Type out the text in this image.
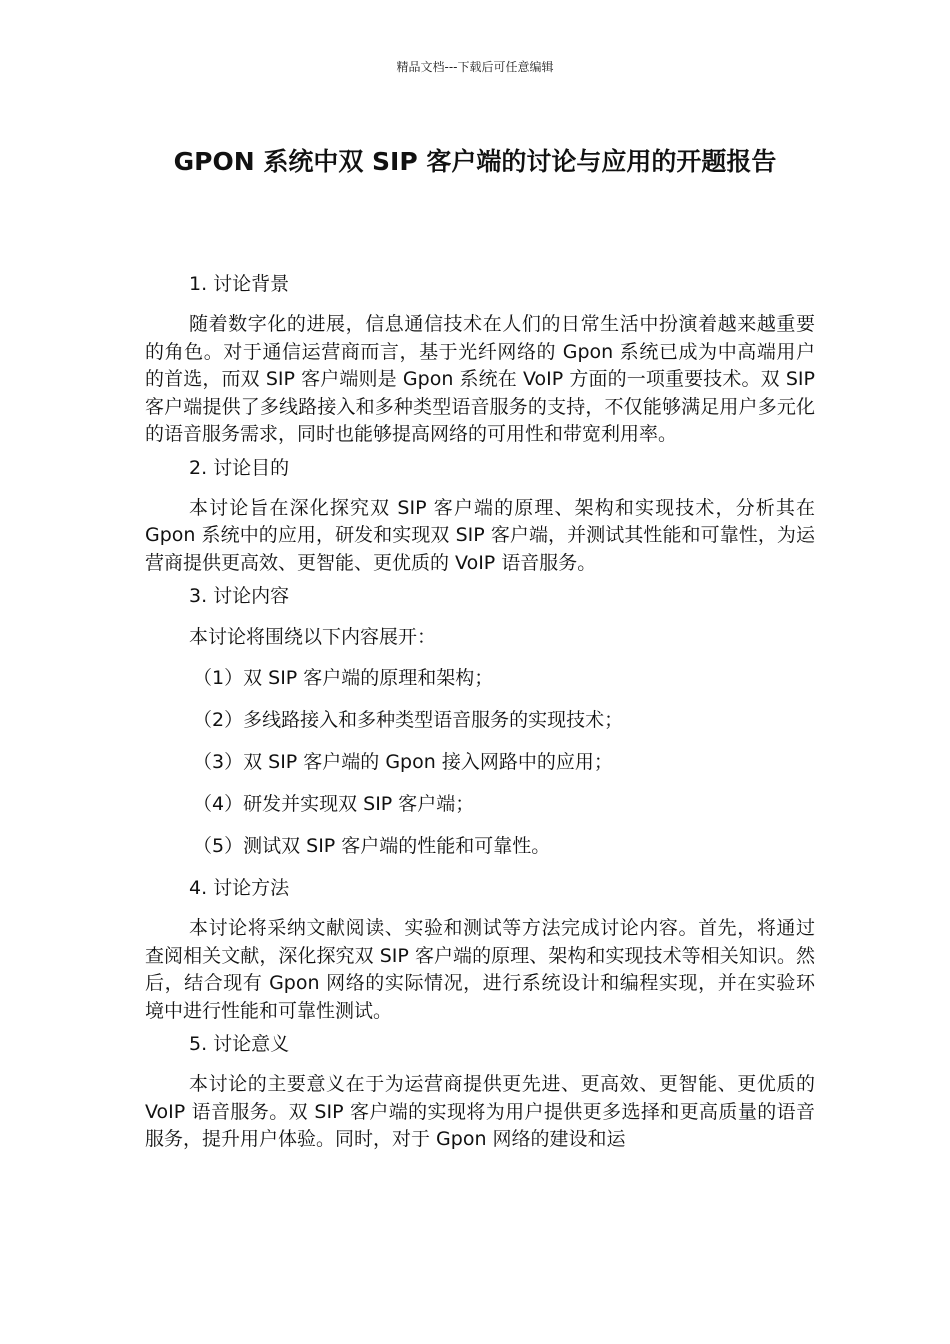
精品文档---下载后可任意编辑
GPON 系统中双 SIP 客户端的讨论与应用的开题报告
1. 讨论背景

随着数字化的进展，信息通信技术在人们的日常生活中扮演着越来越重要的角色。对于通信运营商而言，基于光纤网络的 Gpon 系统已成为中高端用户的首选，而双 SIP 客户端则是 Gpon 系统在 VoIP 方面的一项重要技术。双 SIP 客户端提供了多线路接入和多种类型语音服务的支持，不仅能够满足用户多元化的语音服务需求，同时也能够提高网络的可用性和带宽利用率。

2. 讨论目的

本讨论旨在深化探究双 SIP 客户端的原理、架构和实现技术，分析其在 Gpon 系统中的应用，研发和实现双 SIP 客户端，并测试其性能和可靠性，为运营商提供更高效、更智能、更优质的 VoIP 语音服务。

3. 讨论内容
本讨论将围绕以下内容展开：
（1）双 SIP 客户端的原理和架构；
（2）多线路接入和多种类型语音服务的实现技术；
（3）双 SIP 客户端的 Gpon 接入网路中的应用；
（4）研发并实现双 SIP 客户端；
（5）测试双 SIP 客户端的性能和可靠性。
4. 讨论方法

本讨论将采纳文献阅读、实验和测试等方法完成讨论内容。首先，将通过查阅相关文献，深化探究双 SIP 客户端的原理、架构和实现技术等相关知识。然后，结合现有 Gpon 网络的实际情况，进行系统设计和编程实现，并在实验环境中进行性能和可靠性测试。

5. 讨论意义

本讨论的主要意义在于为运营商提供更先进、更高效、更智能、更优质的 VoIP 语音服务。双 SIP 客户端的实现将为用户提供更多选择和更高质量的语音服务，提升用户体验。同时，对于 Gpon 网络的建设和运
